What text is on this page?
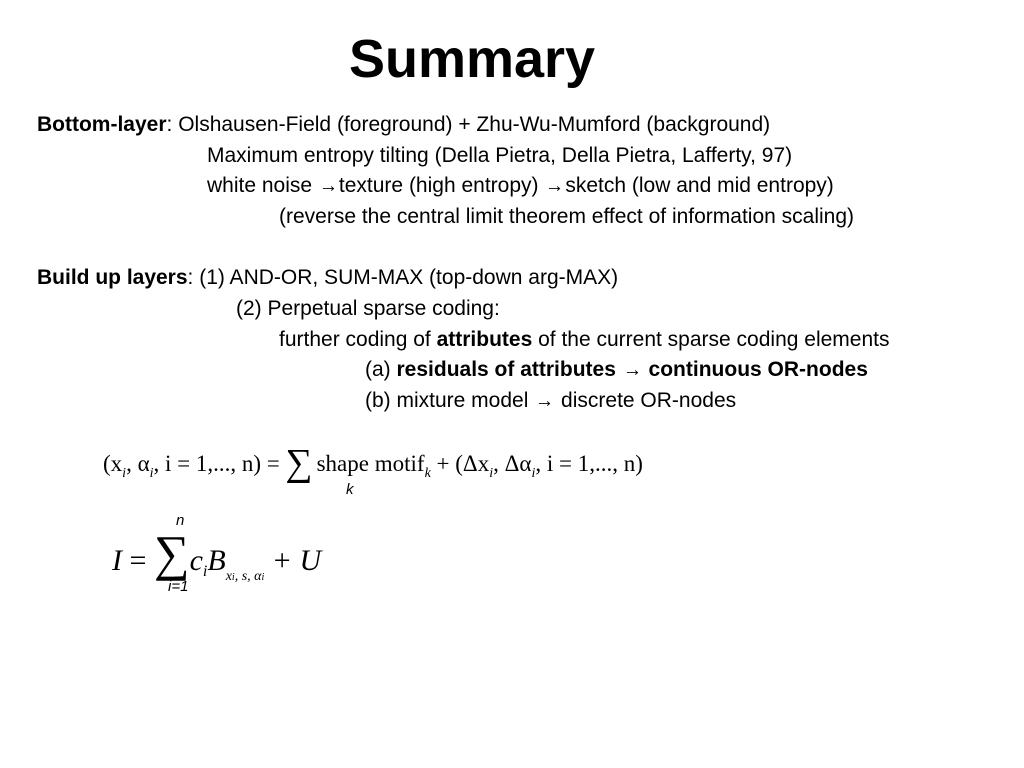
Summary
Bottom-layer: Olshausen-Field (foreground) + Zhu-Wu-Mumford (background)
Maximum entropy tilting (Della Pietra, Della Pietra, Lafferty, 97)
white noise →texture (high entropy) →sketch (low and mid entropy)
(reverse the central limit theorem effect of information scaling)
Build up layers: (1) AND-OR, SUM-MAX (top-down arg-MAX)
(2) Perpetual sparse coding:
further coding of attributes of the current sparse coding elements
(a) residuals of attributes → continuous OR-nodes
(b) mixture model → discrete OR-nodes
($x_i$, $\alpha_i$, i = 1,..., n) = ∑ shape motif$_k$ + ($\Delta x_i$, $\Delta\alpha_i$, i = 1,..., n)
k
$I = \sum c_iB_{xi, s, \alpha i} + U$
n
i=1
